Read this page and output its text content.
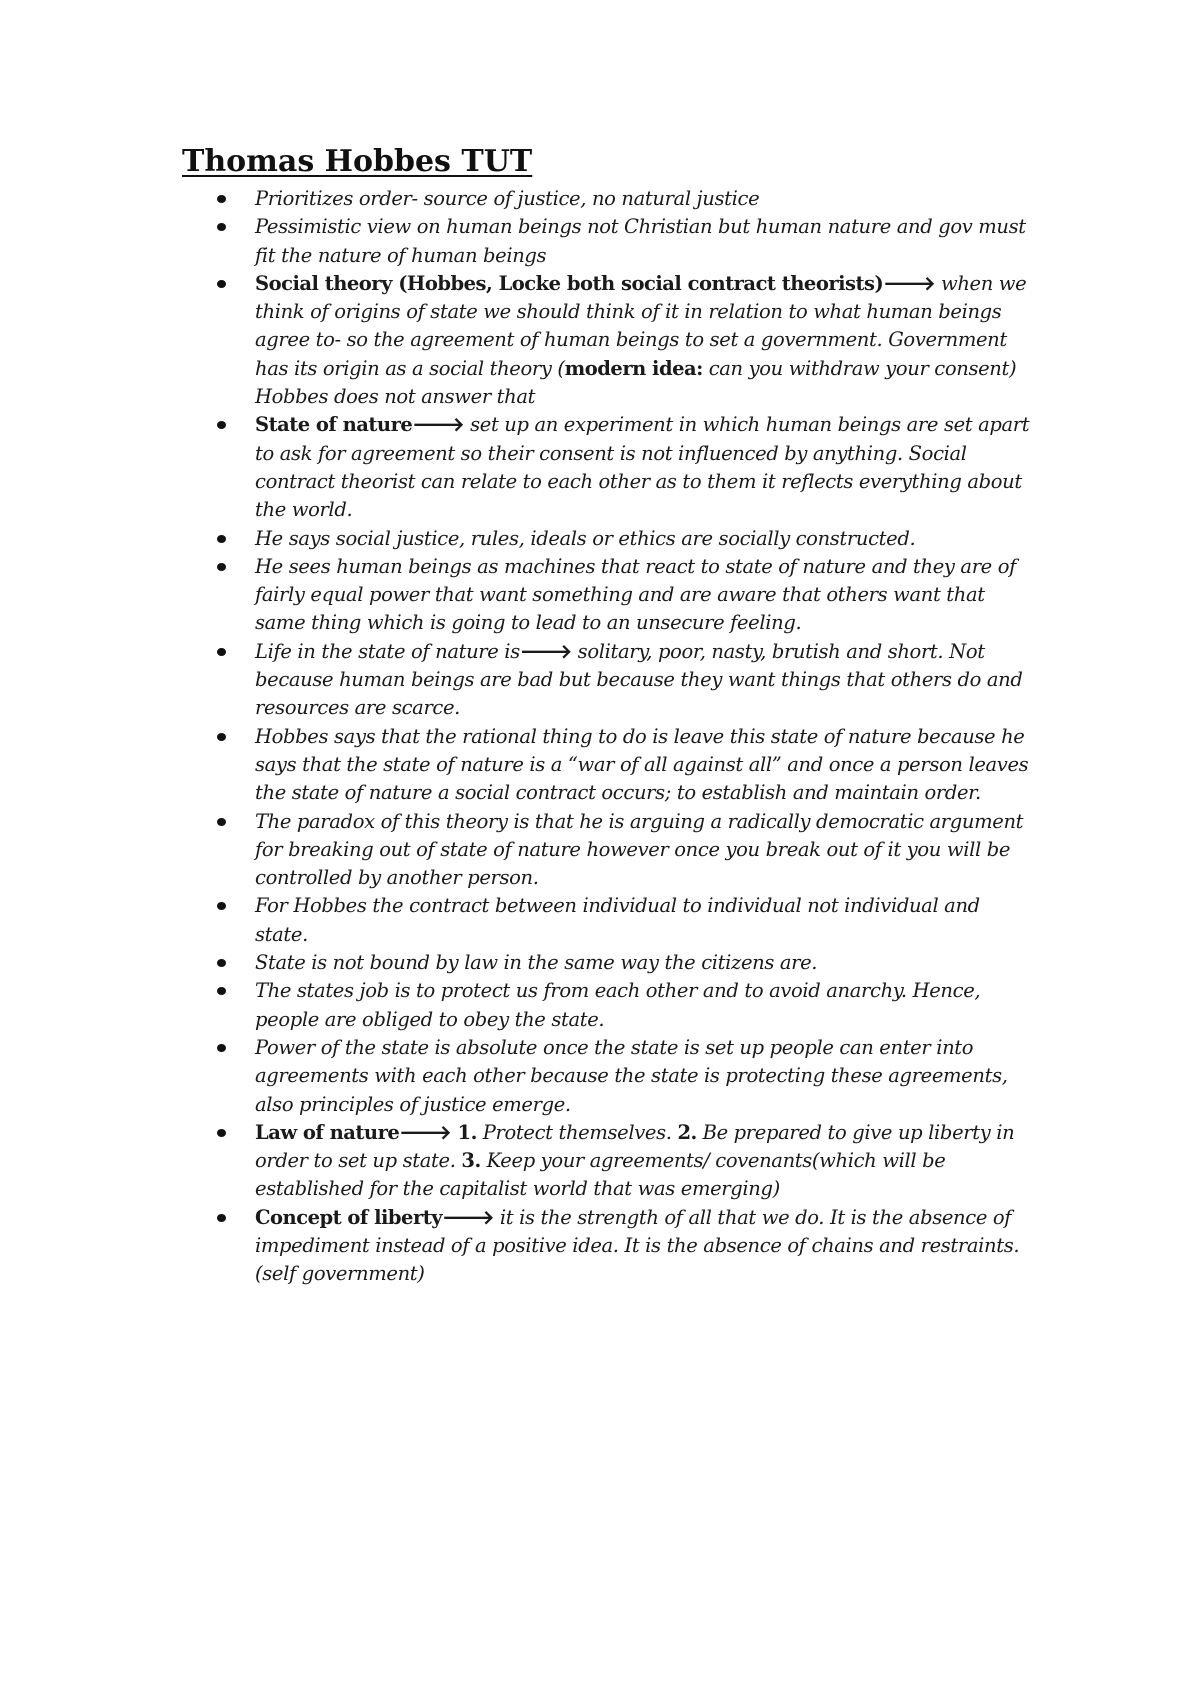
Thomas Hobbes TUT
Prioritizes order- source of justice, no natural justice
Pessimistic view on human beings not Christian but human nature and gov must fit the nature of human beings
Social theory (Hobbes, Locke both social contract theorists)🡒 when we think of origins of state we should think of it in relation to what human beings agree to- so the agreement of human beings to set a government. Government has its origin as a social theory (modern idea: can you withdraw your consent) Hobbes does not answer that
State of nature🡒 set up an experiment in which human beings are set apart to ask for agreement so their consent is not influenced by anything. Social contract theorist can relate to each other as to them it reflects everything about the world.
He says social justice, rules, ideals or ethics are socially constructed.
He sees human beings as machines that react to state of nature and they are of fairly equal power that want something and are aware that others want that same thing which is going to lead to an unsecure feeling.
Life in the state of nature is🡒 solitary, poor, nasty, brutish and short. Not because human beings are bad but because they want things that others do and resources are scarce.
Hobbes says that the rational thing to do is leave this state of nature because he says that the state of nature is a “war of all against all” and once a person leaves the state of nature a social contract occurs; to establish and maintain order.
The paradox of this theory is that he is arguing a radically democratic argument for breaking out of state of nature however once you break out of it you will be controlled by another person.
For Hobbes the contract between individual to individual not individual and state.
State is not bound by law in the same way the citizens are.
The states job is to protect us from each other and to avoid anarchy. Hence, people are obliged to obey the state.
Power of the state is absolute once the state is set up people can enter into agreements with each other because the state is protecting these agreements, also principles of justice emerge.
Law of nature🡒 1. Protect themselves. 2. Be prepared to give up liberty in order to set up state. 3. Keep your agreements/ covenants(which will be established for the capitalist world that was emerging)
Concept of liberty🡒 it is the strength of all that we do. It is the absence of impediment instead of a positive idea. It is the absence of chains and restraints. (self government)
